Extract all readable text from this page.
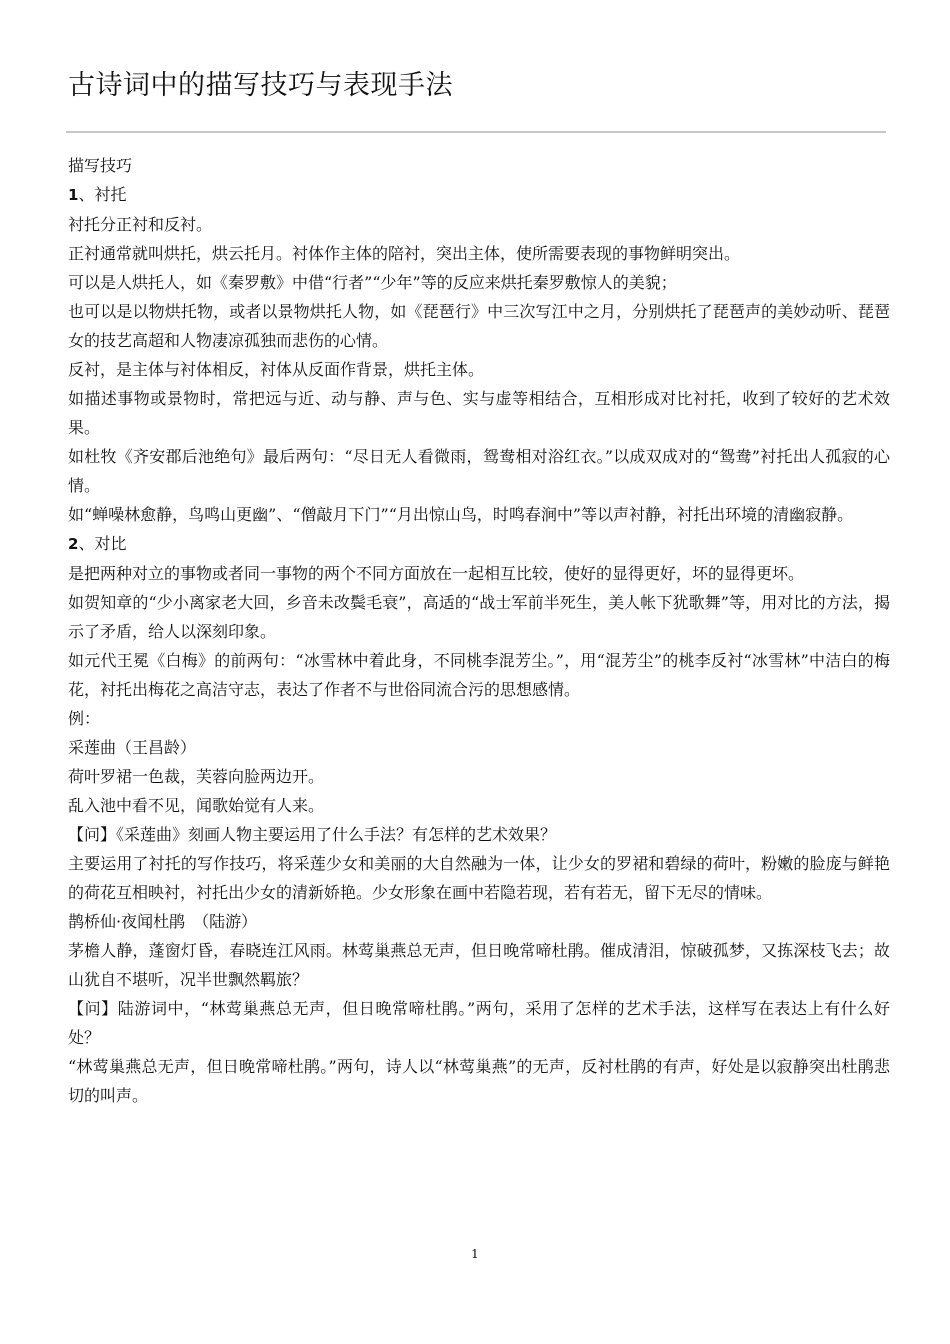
古诗词中的描写技巧与表现手法

描写技巧

1、衬托

衬托分正衬和反衬。

正衬通常就叫烘托，烘云托月。衬体作主体的陪衬，突出主体，使所需要表现的事物鲜明突出。

可以是人烘托人，如《秦罗敷》中借“行者”“少年”等的反应来烘托秦罗敷惊人的美貌；

也可以是以物烘托物，或者以景物烘托人物，如《琵琶行》中三次写江中之月，分别烘托了琵琶声的美妙动听、琵琶女的技艺高超和人物凄凉孤独而悲伤的心情。

反衬，是主体与衬体相反，衬体从反面作背景，烘托主体。

如描述事物或景物时，常把远与近、动与静、声与色、实与虚等相结合，互相形成对比衬托，收到了较好的艺术效果。

如杜牧《齐安郡后池绝句》最后两句：“尽日无人看微雨，鸳鸯相对浴红衣。”以成双成对的“鸳鸯”衬托出人孤寂的心情。

如“蝉噪林愈静，鸟鸣山更幽”、“僧敲月下门”“月出惊山鸟，时鸣春涧中”等以声衬静，衬托出环境的清幽寂静。

2、对比

是把两种对立的事物或者同一事物的两个不同方面放在一起相互比较，使好的显得更好，坏的显得更坏。

如贺知章的“少小离家老大回，乡音未改鬓毛衰”，高适的“战士军前半死生，美人帐下犹歌舞”等，用对比的方法，揭示了矛盾，给人以深刻印象。

如元代王冕《白梅》的前两句：“冰雪林中着此身，不同桃李混芳尘。”，用“混芳尘”的桃李反衬“冰雪林”中洁白的梅花，衬托出梅花之高洁守志，表达了作者不与世俗同流合污的思想感情。

例：

采莲曲（王昌龄）

荷叶罗裙一色裁，芙蓉向脸两边开。

乱入池中看不见，闻歌始觉有人来。

【问】《采莲曲》刻画人物主要运用了什么手法？有怎样的艺术效果？

主要运用了衬托的写作技巧，将采莲少女和美丽的大自然融为一体，让少女的罗裙和碧绿的荷叶，粉嫩的脸庞与鲜艳的荷花互相映衬，衬托出少女的清新娇艳。少女形象在画中若隐若现，若有若无，留下无尽的情味。

鹊桥仙·夜闻杜鹃　（陆游）

茅檐人静，蓬窗灯昏，春晓连江风雨。林莺巢燕总无声，但日晚常啼杜鹃。催成清泪，惊破孤梦，又拣深枝飞去；故山犹自不堪听，况半世飘然羁旅？

【问】陆游词中，“林莺巢燕总无声，但日晚常啼杜鹃。”两句，采用了怎样的艺术手法，这样写在表达上有什么好处？

“林莺巢燕总无声，但日晚常啼杜鹃。”两句，诗人以“林莺巢燕”的无声，反衬杜鹃的有声，好处是以寂静突出杜鹃悲切的叫声。

1
